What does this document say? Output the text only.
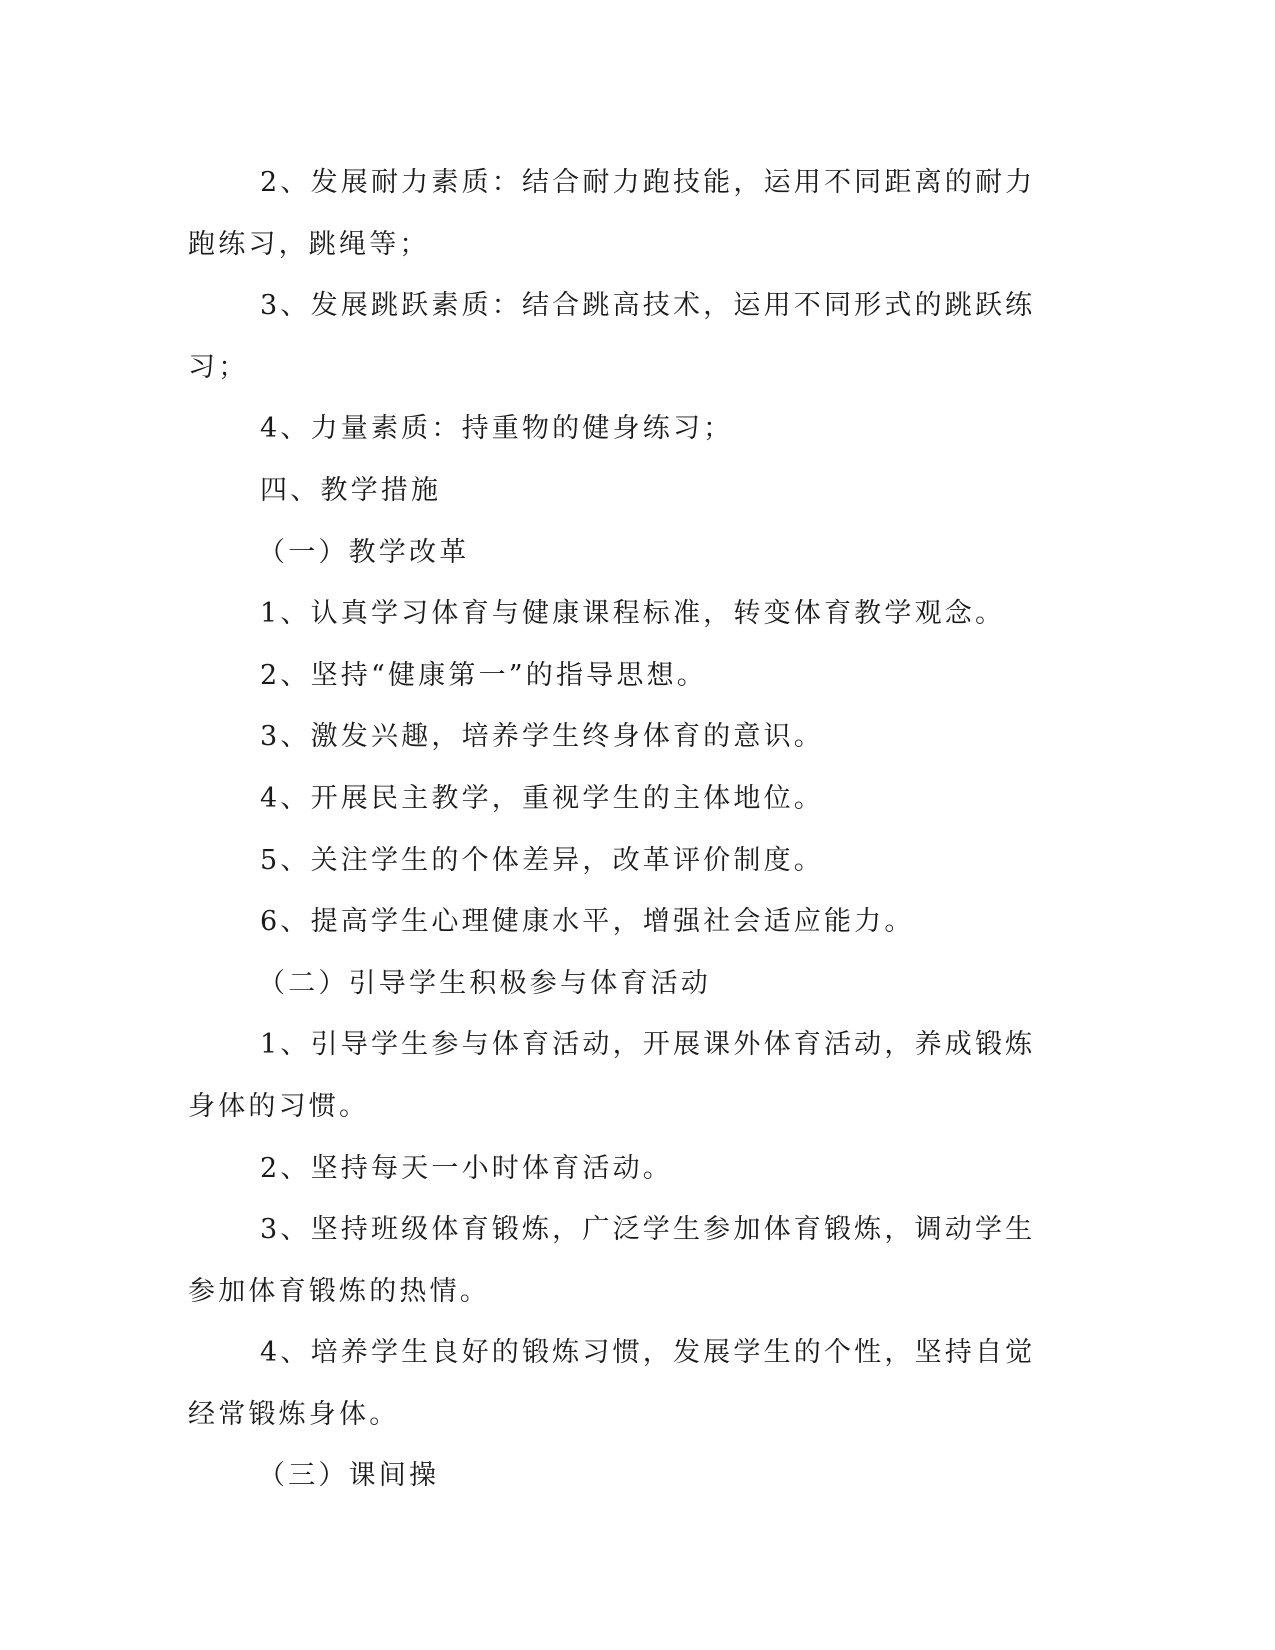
2、发展耐力素质：结合耐力跑技能，运用不同距离的耐力跑练习，跳绳等；

3、发展跳跃素质：结合跳高技术，运用不同形式的跳跃练习；

4、力量素质：持重物的健身练习；

四、教学措施

（一）教学改革

1、认真学习体育与健康课程标准，转变体育教学观念。

2、坚持“健康第一”的指导思想。

3、激发兴趣，培养学生终身体育的意识。

4、开展民主教学，重视学生的主体地位。

5、关注学生的个体差异，改革评价制度。

6、提高学生心理健康水平，增强社会适应能力。

（二）引导学生积极参与体育活动

1、引导学生参与体育活动，开展课外体育活动，养成锻炼身体的习惯。

2、坚持每天一小时体育活动。

3、坚持班级体育锻炼，广泛学生参加体育锻炼，调动学生参加体育锻炼的热情。

4、培养学生良好的锻炼习惯，发展学生的个性，坚持自觉经常锻炼身体。

（三）课间操
